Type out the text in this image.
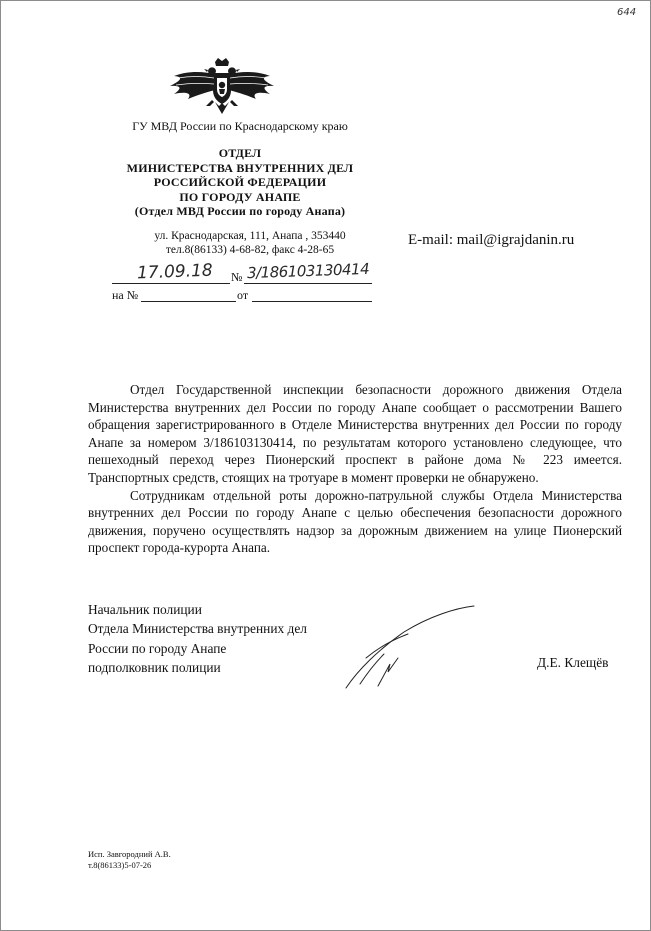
644
ГУ МВД России по Краснодарскому краю
ОТДЕЛ
МИНИСТЕРСТВА ВНУТРЕННИХ ДЕЛ
РОССИЙСКОЙ ФЕДЕРАЦИИ
ПО ГОРОДУ АНАПЕ
(Отдел МВД России по городу Анапа)
ул. Краснодарская, 111, Анапа , 353440
тел.8(86133) 4-68-82, факс 4-28-65
E-mail: mail@igrajdanin.ru
17.09.18 № 3/186103130414
на №	от

Отдел Государственной инспекции безопасности дорожного движения Отдела Министерства внутренних дел России по городу Анапе сообщает о рассмотрении Вашего обращения зарегистрированного в Отделе Министерства внутренних дел России по городу Анапе за номером 3/186103130414, по результатам которого установлено следующее, что пешеходный переход через Пионерский проспект в районе дома № 223 имеется. Транспортных средств, стоящих на тротуаре в момент проверки не обнаружено.

Сотрудникам отдельной роты дорожно-патрульной службы Отдела Министерства внутренних дел России по городу Анапе с целью обеспечения безопасности дорожного движения, поручено осуществлять надзор за дорожным движением на улице Пионерский проспект города-курорта Анапа.

Начальник полиции
Отдела Министерства внутренних дел
России по городу Анапе
подполковник полиции	Д.Е. Клещёв
Исп. Завгородний А.В.
т.8(86133)5-07-26
